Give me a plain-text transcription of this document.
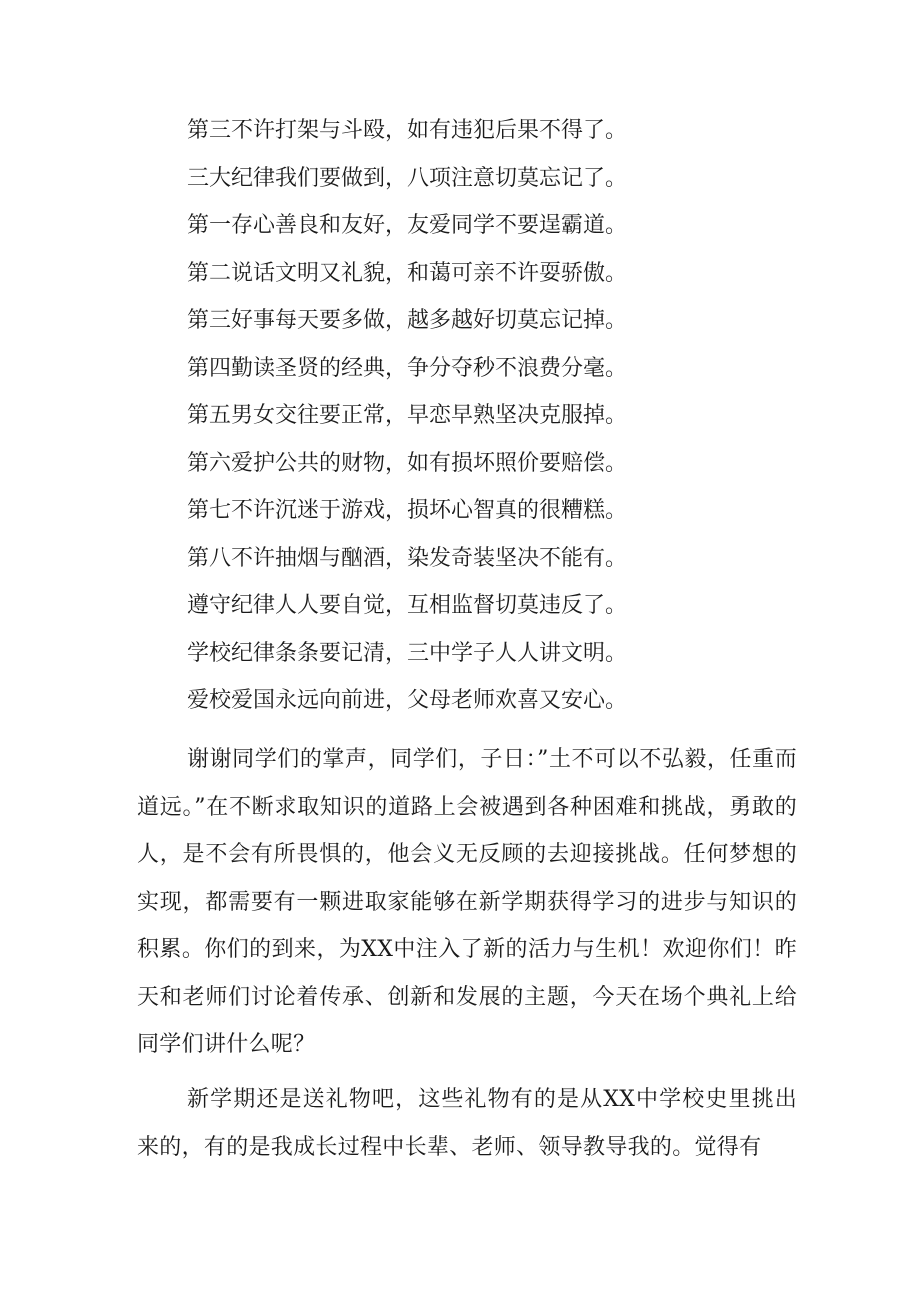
第三不许打架与斗殴，如有违犯后果不得了。
三大纪律我们要做到，八项注意切莫忘记了。
第一存心善良和友好，友爱同学不要逞霸道。
第二说话文明又礼貌，和蔼可亲不许耍骄傲。
第三好事每天要多做，越多越好切莫忘记掉。
第四勤读圣贤的经典，争分夺秒不浪费分毫。
第五男女交往要正常，早恋早熟坚决克服掉。
第六爱护公共的财物，如有损坏照价要赔偿。
第七不许沉迷于游戏，损坏心智真的很糟糕。
第八不许抽烟与酗酒，染发奇装坚决不能有。
遵守纪律人人要自觉，互相监督切莫违反了。
学校纪律条条要记清，三中学子人人讲文明。
爱校爱国永远向前进，父母老师欢喜又安心。

谢谢同学们的掌声，同学们，子日：”土不可以不弘毅，任重而道远。”在不断求取知识的道路上会被遇到各种困难和挑战，勇敢的人，是不会有所畏惧的，他会义无反顾的去迎接挑战。任何梦想的实现，都需要有一颗进取家能够在新学期获得学习的进步与知识的积累。你们的到来，为XX中注入了新的活力与生机！欢迎你们！昨天和老师们讨论着传承、创新和发展的主题，今天在场个典礼上给同学们讲什么呢？

新学期还是送礼物吧，这些礼物有的是从XX中学校史里挑出来的，有的是我成长过程中长辈、老师、领导教导我的。觉得有
